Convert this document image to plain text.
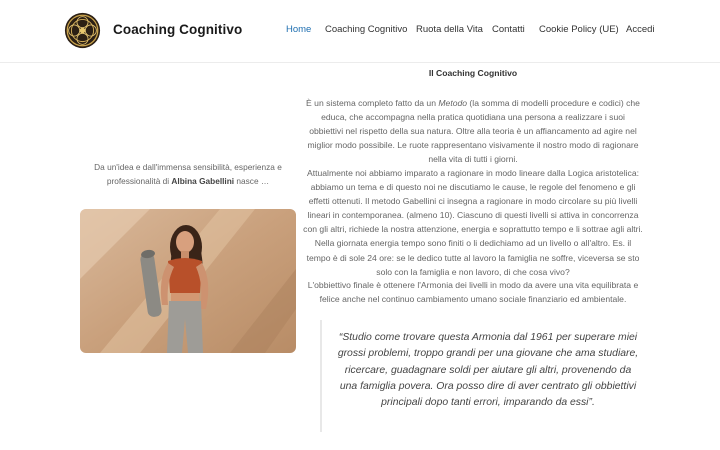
Coaching Cognitivo	Home Coaching Cognitivo Ruota della Vita Contatti Cookie Policy (UE) Accedi
Da un'idea e dall'immensa sensibilità, esperienza e
professionalità di Albina Gabellini nasce …
Il Coaching Cognitivo
È un sistema completo fatto da un Metodo (la somma di modelli procedure e codici) che educa, che accompagna nella pratica quotidiana una persona a realizzare i suoi obbiettivi nel rispetto della sua natura. Oltre alla teoria è un affiancamento ad agire nel miglior modo possibile. Le ruote rappresentano visivamente il nostro modo di ragionare nella vita di tutti i giorni.
Attualmente noi abbiamo imparato a ragionare in modo lineare dalla Logica aristotelica: abbiamo un tema e di questo noi ne discutiamo le cause, le regole del fenomeno e gli effetti ottenuti. Il metodo Gabellini ci insegna a ragionare in modo circolare su più livelli lineari in contemporanea. (almeno 10). Ciascuno di questi livelli si attiva in concorrenza con gli altri, richiede la nostra attenzione, energia e soprattutto tempo e li sottrae agli altri. Nella giornata energia tempo sono finiti o li dedichiamo ad un livello o all'altro. Es. il tempo è di sole 24 ore: se le dedico tutte al lavoro la famiglia ne soffre, viceversa se sto solo con la famiglia e non lavoro, di che cosa vivo?
L'obbiettivo finale è ottenere l'Armonia dei livelli in modo da avere una vita equilibrata e felice anche nel continuo cambiamento umano sociale finanziario ed ambientale.

“Studio come trovare questa Armonia dal 1961 per superare miei grossi problemi, troppo grandi per una giovane che ama studiare, ricercare, guadagnare soldi per aiutare gli altri, provenendo da una famiglia povera. Ora posso dire di aver centrato gli obbiettivi principali dopo tanti errori, imparando da essi”.
